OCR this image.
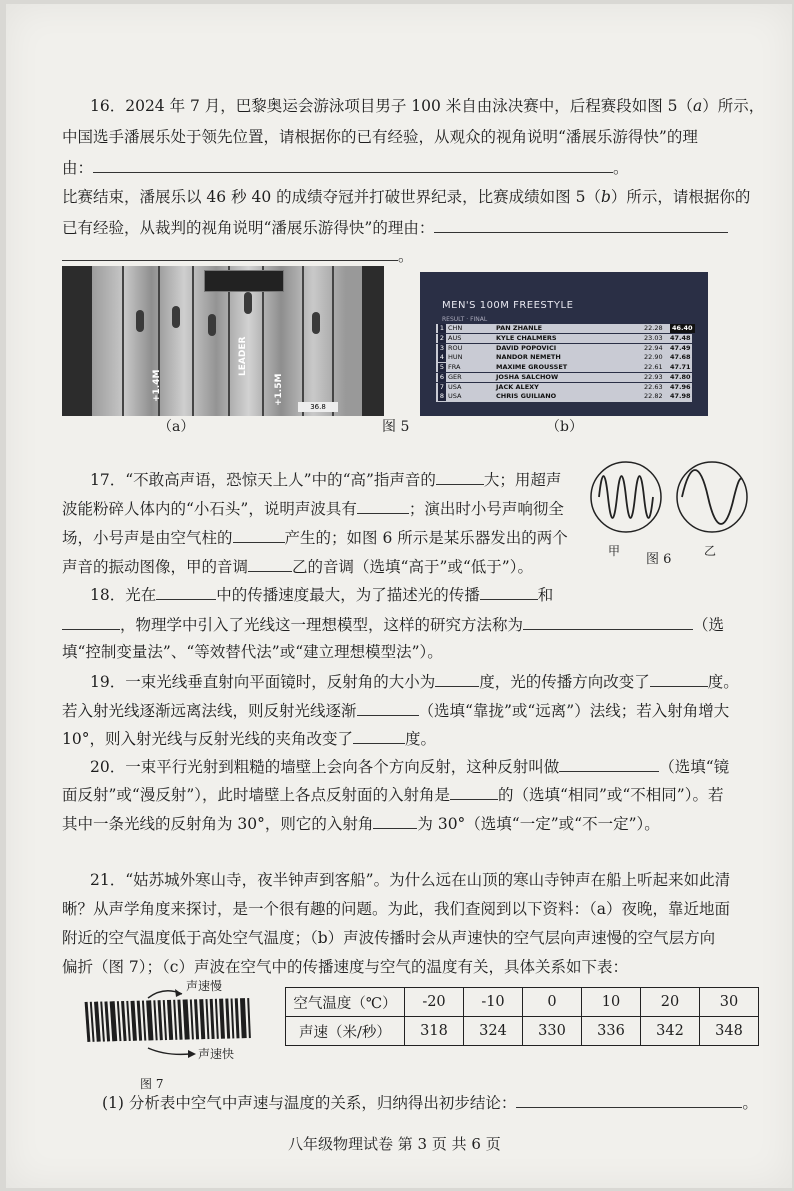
16．2024 年 7 月，巴黎奥运会游泳项目男子 100 米自由泳决赛中，后程赛段如图 5（a）所示，
中国选手潘展乐处于领先位置，请根据你的已有经验，从观众的视角说明“潘展乐游得快”的理
由：	。
比赛结束，潘展乐以 46 秒 40 的成绩夺冠并打破世界纪录，比赛成绩如图 5（b）所示，请根据你的
已有经验，从裁判的视角说明“潘展乐游得快”的理由：
。
+1.4M
LEADER
+1.5M
36.8
MEN'S 100M FREESTYLE
RESULT · FINAL
1 CHN	PAN ZHANLE	22.28	46.40
2 AUS	KYLE CHALMERS	23.03 47.48
3 ROU	DAVID POPOVICI	22.94 47.49
4 HUN	NANDOR NEMETH	22.90 47.68
5 FRA	MAXIME GROUSSET	22.61 47.71
6 GER	JOSHA SALCHOW	22.93 47.80
7 USA	JACK ALEXY	22.63 47.96
8 USA	CHRIS GUILIANO	22.82 47.98
（a）	图 5	（b）
17．“不敢高声语，恐惊天上人”中的“高”指声音的	大；用超声
波能粉碎人体内的“小石头”，说明声波具有	；演出时小号声响彻全
场，小号声是由空气柱的	产生的；如图 6 所示是某乐器发出的两个
声音的振动图像，甲的音调	乙的音调（选填“高于”或“低于”）。
甲
图 6
乙
18．光在	中的传播速度最大，为了描述光的传播	和
，物理学中引入了光线这一理想模型，这样的研究方法称为	（选
填“控制变量法”、“等效替代法”或“建立理想模型法”）。
19．一束光线垂直射向平面镜时，反射角的大小为	度，光的传播方向改变了	度。
若入射光线逐渐远离法线，则反射光线逐渐	（选填“靠拢”或“远离”）法线；若入射角增大
10°，则入射光线与反射光线的夹角改变了	度。
20．一束平行光射到粗糙的墙壁上会向各个方向反射，这种反射叫做	（选填“镜
面反射”或“漫反射”），此时墙壁上各点反射面的入射角是	的（选填“相同”或“不相同”）。若
其中一条光线的反射角为 30°，则它的入射角	为 30°（选填“一定”或“不一定”）。
21．“姑苏城外寒山寺，夜半钟声到客船”。为什么远在山顶的寒山寺钟声在船上听起来如此清
晰？从声学角度来探讨，是一个很有趣的问题。为此，我们查阅到以下资料：（a）夜晚，靠近地面
附近的空气温度低于高处空气温度；（b）声波传播时会从声速快的空气层向声速慢的空气层方向
偏折（图 7）；（c）声波在空气中的传播速度与空气的温度有关，具体关系如下表：
声速慢
声速快
图 7
空气温度（℃）	-20	-10	0	10	20	30
声速（米/秒）	318	324	330	336	342	348
(1) 分析表中空气中声速与温度的关系，归纳得出初步结论：	。
八年级物理试卷 第 3 页 共 6 页
